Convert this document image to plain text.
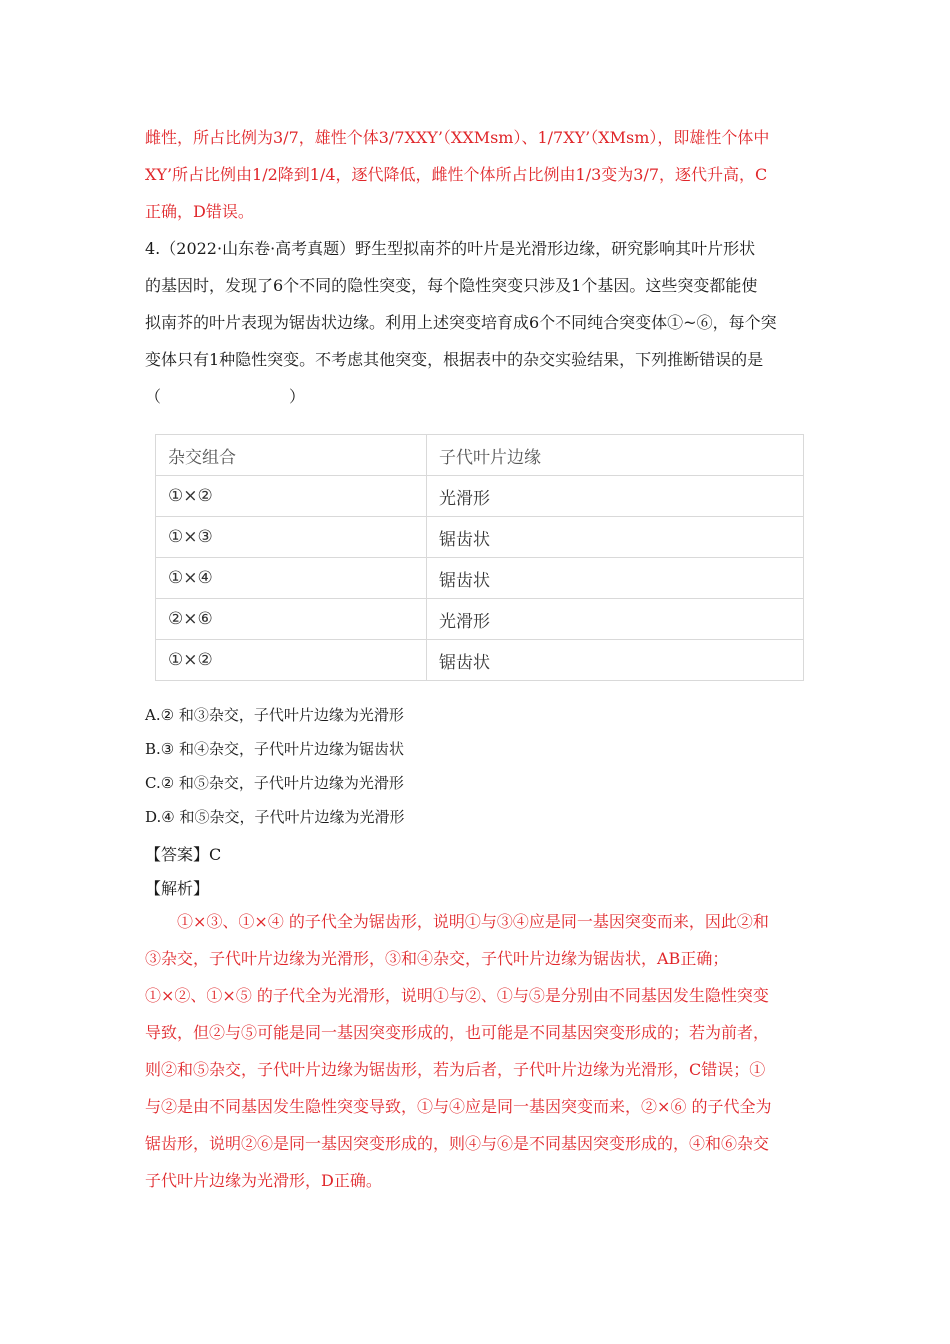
雌性，所占比例为3/7，雄性个体3/7XXY’（XXMsm）、1/7XY’（XMsm），即雄性个体中
XY’所占比例由1/2降到1/4，逐代降低，雌性个体所占比例由1/3变为3/7，逐代升高，C
正确，D错误。
4.（2022·山东卷·高考真题）野生型拟南芥的叶片是光滑形边缘，研究影响其叶片形状
的基因时，发现了6个不同的隐性突变，每个隐性突变只涉及1个基因。这些突变都能使
拟南芥的叶片表现为锯齿状边缘。利用上述突变培育成6个不同纯合突变体①~⑥，每个突
变体只有1种隐性突变。不考虑其他突变，根据表中的杂交实验结果，下列推断错误的是
（　　　　　　　　）
杂交组合	子代叶片边缘
①×②	光滑形
①×③	锯齿状
①×④	锯齿状
②×⑥	光滑形
①×②	锯齿状

A.② 和③杂交，子代叶片边缘为光滑形

B.③ 和④杂交，子代叶片边缘为锯齿状

C.② 和⑤杂交，子代叶片边缘为光滑形

D.④ 和⑤杂交，子代叶片边缘为光滑形

【答案】C

【解析】

　　①×③、①×④ 的子代全为锯齿形，说明①与③④应是同一基因突变而来，因此②和
③杂交，子代叶片边缘为光滑形，③和④杂交，子代叶片边缘为锯齿状，AB正确；
①×②、①×⑤ 的子代全为光滑形，说明①与②、①与⑤是分别由不同基因发生隐性突变
导致，但②与⑤可能是同一基因突变形成的，也可能是不同基因突变形成的；若为前者，
则②和⑤杂交，子代叶片边缘为锯齿形，若为后者，子代叶片边缘为光滑形，C错误；①
与②是由不同基因发生隐性突变导致，①与④应是同一基因突变而来，②×⑥ 的子代全为
锯齿形，说明②⑥是同一基因突变形成的，则④与⑥是不同基因突变形成的，④和⑥杂交
子代叶片边缘为光滑形，D正确。
